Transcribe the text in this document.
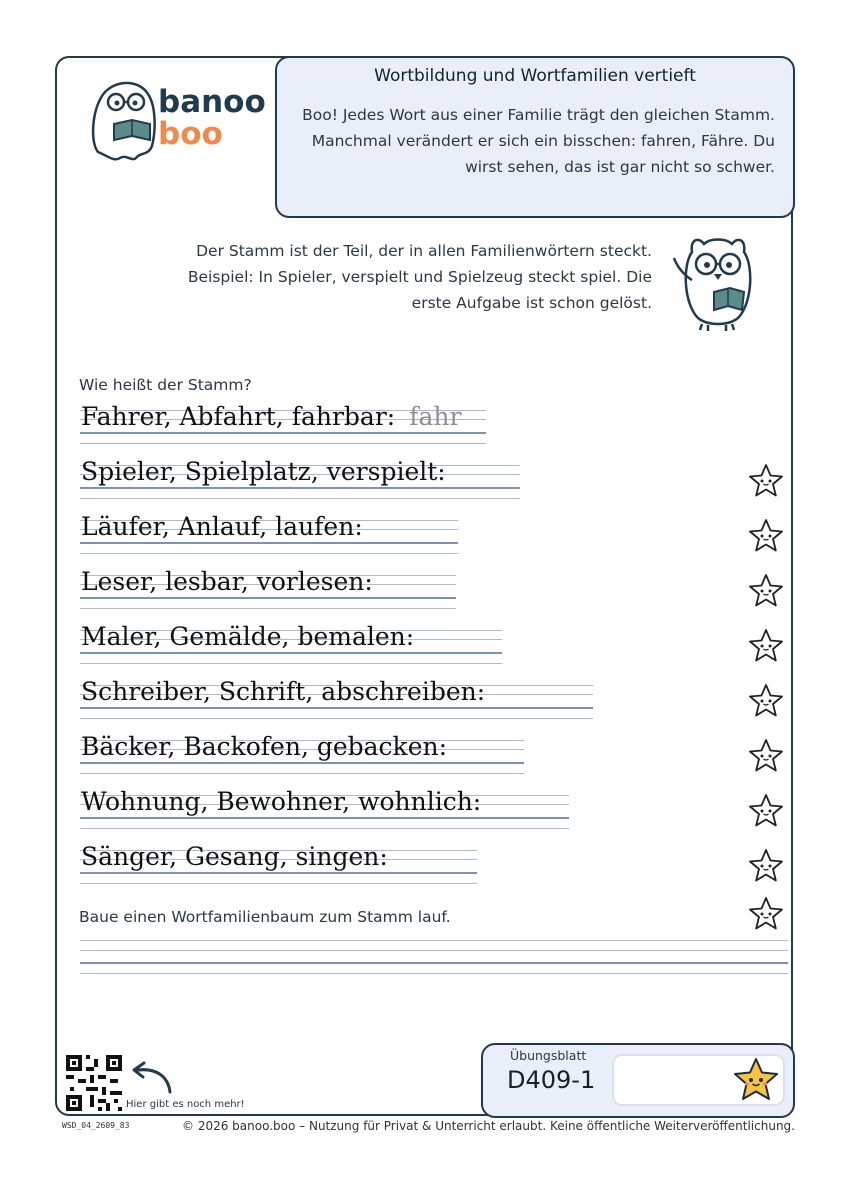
banoo
boo
Wortbildung und Wortfamilien vertieft
Boo! Jedes Wort aus einer Familie trägt den gleichen Stamm.
Manchmal verändert er sich ein bisschen: fahren, Fähre. Du
wirst sehen, das ist gar nicht so schwer.
Der Stamm ist der Teil, der in allen Familienwörtern steckt.
Beispiel: In Spieler, verspielt und Spielzeug steckt spiel. Die
erste Aufgabe ist schon gelöst.
Wie heißt der Stamm?
Fahrer, Abfahrt, fahrbar: fahr
Spieler, Spielplatz, verspielt:
Läufer, Anlauf, laufen:
Leser, lesbar, vorlesen:
Maler, Gemälde, bemalen:
Schreiber, Schrift, abschreiben:
Bäcker, Backofen, gebacken:
Wohnung, Bewohner, wohnlich:
Sänger, Gesang, singen:
Baue einen Wortfamilienbaum zum Stamm lauf.
Hier gibt es noch mehr!
WSD_04_2609_83	© 2026 banoo.boo – Nutzung für Privat & Unterricht erlaubt. Keine öffentliche Weiterveröffentlichung.
Übungsblatt
D409-1
